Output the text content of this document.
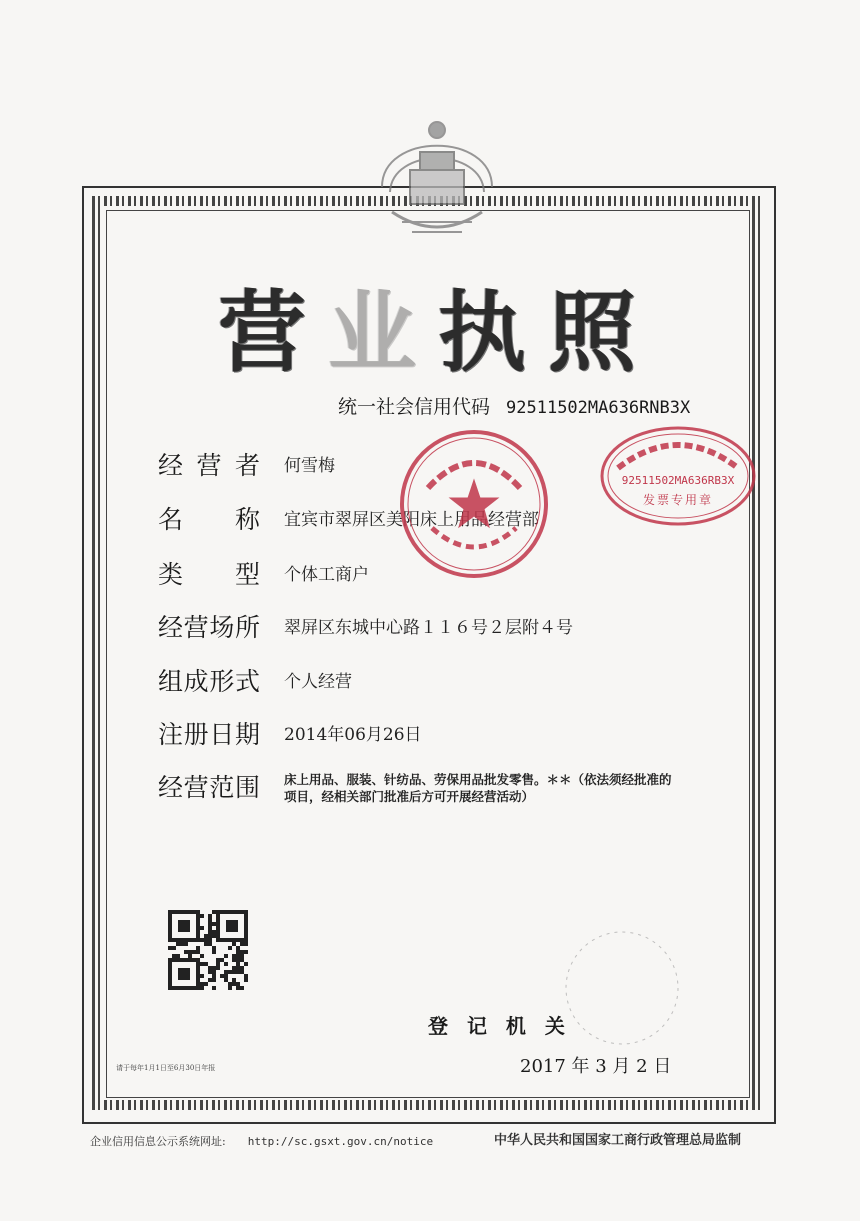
营 业 执 照
统一社会信用代码 92511502MA636RNB3X
经营者 何雪梅
名称 宜宾市翠屏区美阳床上用品经营部
类型 个体工商户
经营场所 翠屏区东城中心路１１６号２层附４号
组成形式 个人经营
注册日期 2014年06月26日
经营范围 床上用品、服装、针纺品、劳保用品批发零售。＊＊（依法须经批准的项目，经相关部门批准后方可开展经营活动）
92511502MA636RB3X
发票专用章
登 记 机 关
2017 年 3 月 2 日
请于每年1月1日至6月30日年报
企业信用信息公示系统网址: http://sc.gsxt.gov.cn/notice	中华人民共和国国家工商行政管理总局监制
